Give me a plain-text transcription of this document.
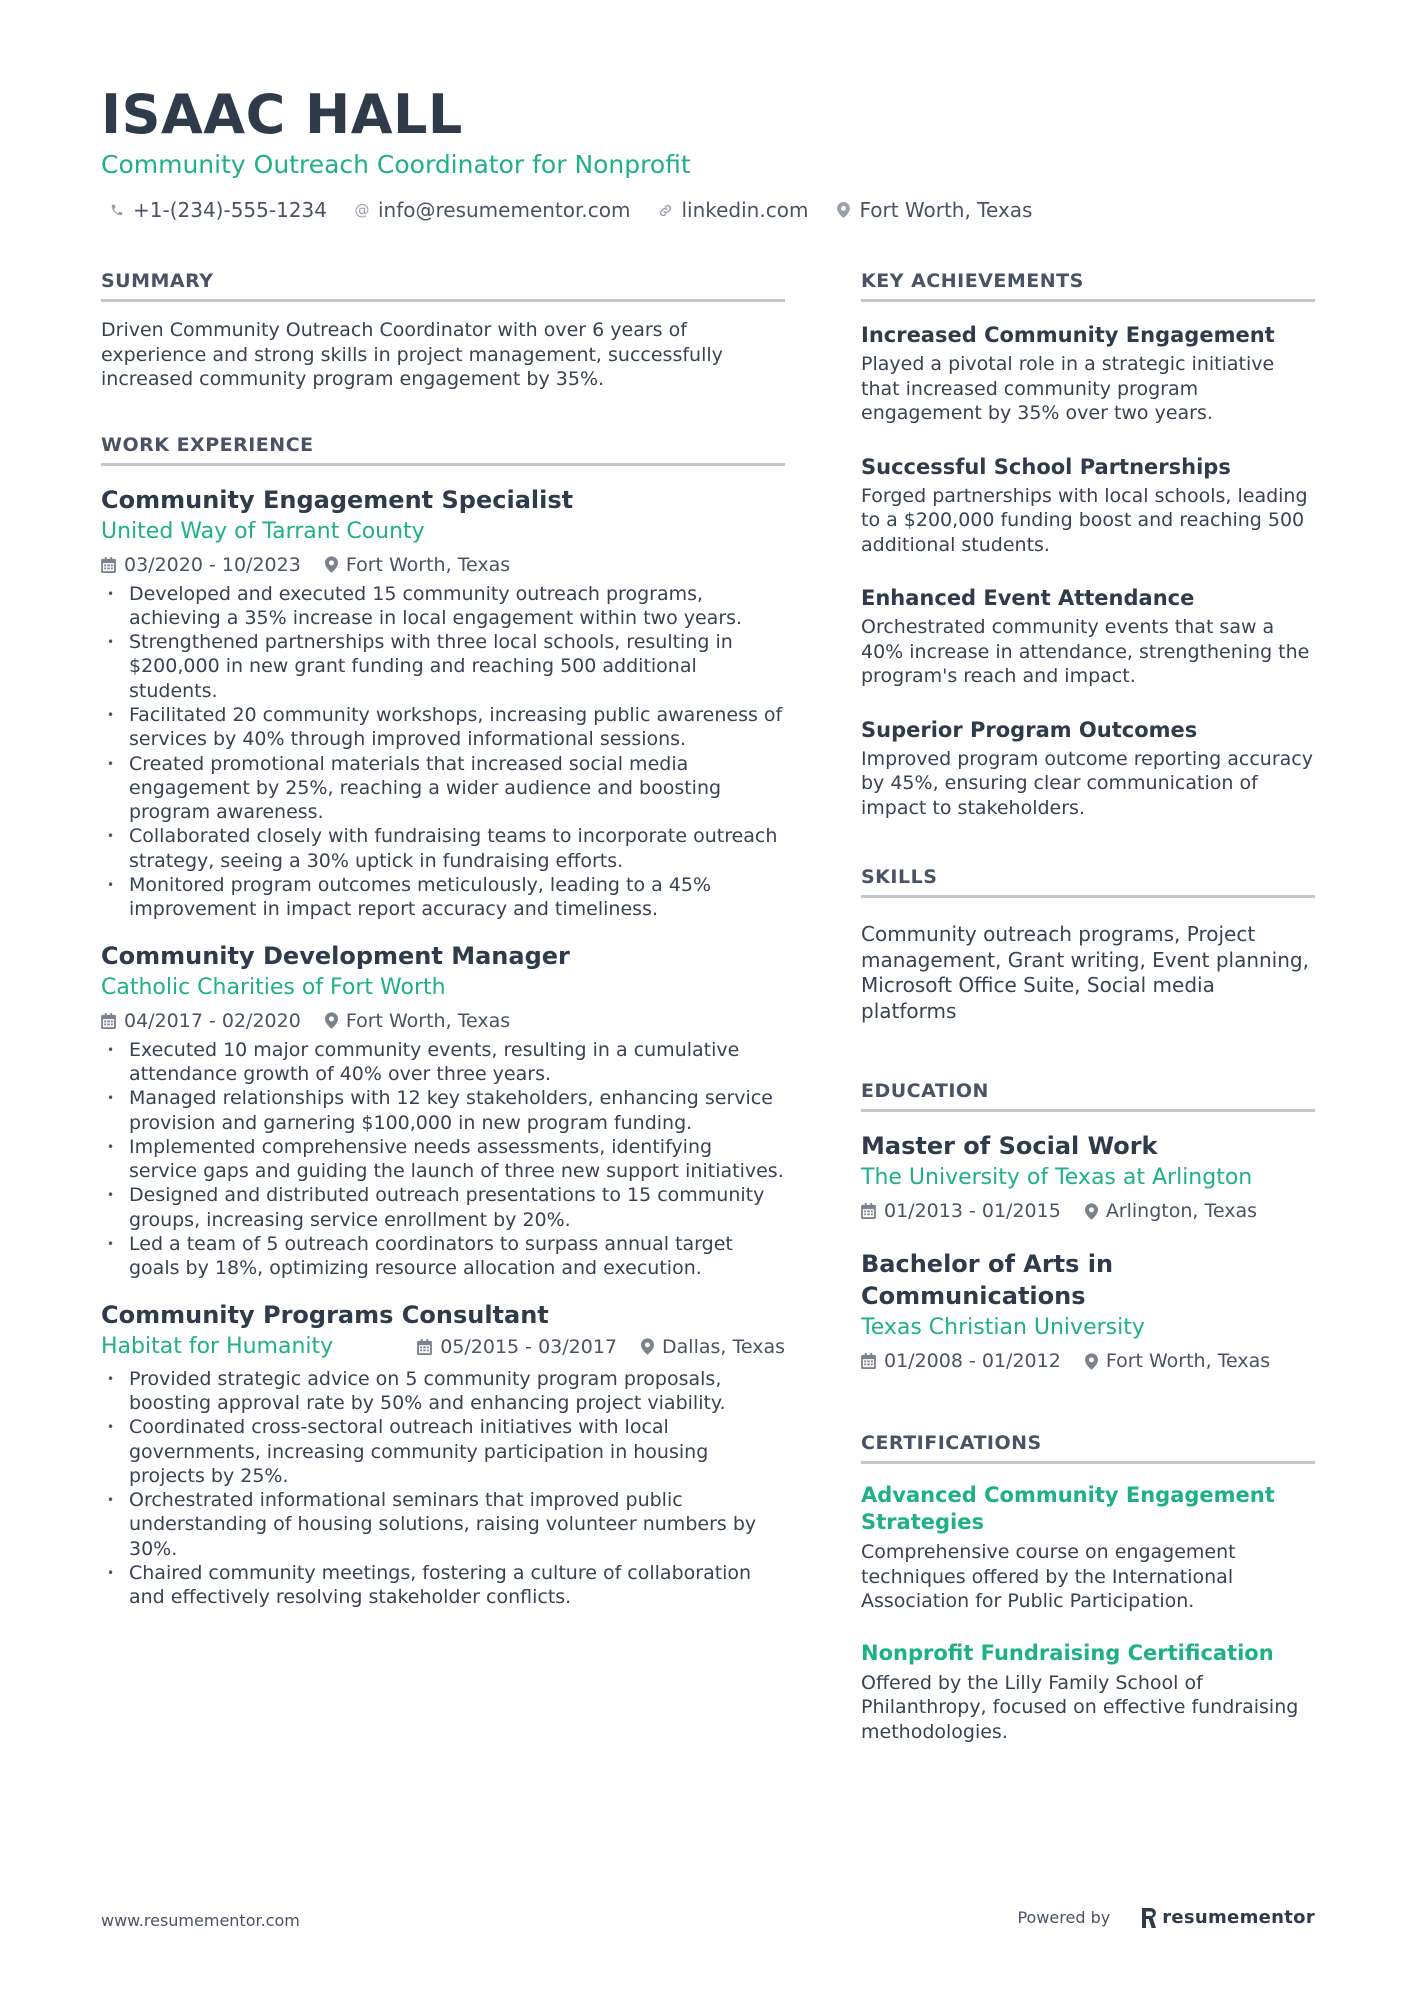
ISAAC HALL
Community Outreach Coordinator for Nonprofit
+1-(234)-555-1234 @ info@resumementor.com	linkedin.com	Fort Worth, Texas
SUMMARY

Driven Community Outreach Coordinator with over 6 years of experience and strong skills in project management, successfully increased community program engagement by 35%.

WORK EXPERIENCE
Community Engagement Specialist
United Way of Tarrant County
03/2020 - 10/2023 Fort Worth, Texas
• Developed and executed 15 community outreach programs, achieving a 35% increase in local engagement within two years.
• Strengthened partnerships with three local schools, resulting in $200,000 in new grant funding and reaching 500 additional students.
• Facilitated 20 community workshops, increasing public awareness of services by 40% through improved informational sessions.
• Created promotional materials that increased social media engagement by 25%, reaching a wider audience and boosting program awareness.
• Collaborated closely with fundraising teams to incorporate outreach strategy, seeing a 30% uptick in fundraising efforts.
• Monitored program outcomes meticulously, leading to a 45% improvement in impact report accuracy and timeliness.
Community Development Manager
Catholic Charities of Fort Worth
04/2017 - 02/2020 Fort Worth, Texas
• Executed 10 major community events, resulting in a cumulative attendance growth of 40% over three years.
• Managed relationships with 12 key stakeholders, enhancing service provision and garnering $100,000 in new program funding.
• Implemented comprehensive needs assessments, identifying service gaps and guiding the launch of three new support initiatives.
• Designed and distributed outreach presentations to 15 community groups, increasing service enrollment by 20%.
• Led a team of 5 outreach coordinators to surpass annual target goals by 18%, optimizing resource allocation and execution.
Community Programs Consultant
Habitat for Humanity	05/2015 - 03/2017 Dallas, Texas
• Provided strategic advice on 5 community program proposals, boosting approval rate by 50% and enhancing project viability.
• Coordinated cross-sectoral outreach initiatives with local governments, increasing community participation in housing projects by 25%.
• Orchestrated informational seminars that improved public understanding of housing solutions, raising volunteer numbers by 30%.
• Chaired community meetings, fostering a culture of collaboration and effectively resolving stakeholder conflicts.
KEY ACHIEVEMENTS
Increased Community Engagement

Played a pivotal role in a strategic initiative that increased community program engagement by 35% over two years.

Successful School Partnerships

Forged partnerships with local schools, leading to a $200,000 funding boost and reaching 500 additional students.

Enhanced Event Attendance

Orchestrated community events that saw a 40% increase in attendance, strengthening the program's reach and impact.

Superior Program Outcomes

Improved program outcome reporting accuracy by 45%, ensuring clear communication of impact to stakeholders.

SKILLS

Community outreach programs, Project management, Grant writing, Event planning, Microsoft Office Suite, Social media platforms

EDUCATION
Master of Social Work
The University of Texas at Arlington
01/2013 - 01/2015 Arlington, Texas
Bachelor of Arts in Communications
Texas Christian University
01/2008 - 01/2012 Fort Worth, Texas
CERTIFICATIONS
Advanced Community Engagement Strategies

Comprehensive course on engagement techniques offered by the International Association for Public Participation.

Nonprofit Fundraising Certification

Offered by the Lilly Family School of Philanthropy, focused on effective fundraising methodologies.

www.resumementor.com	Powered by	resumementor
